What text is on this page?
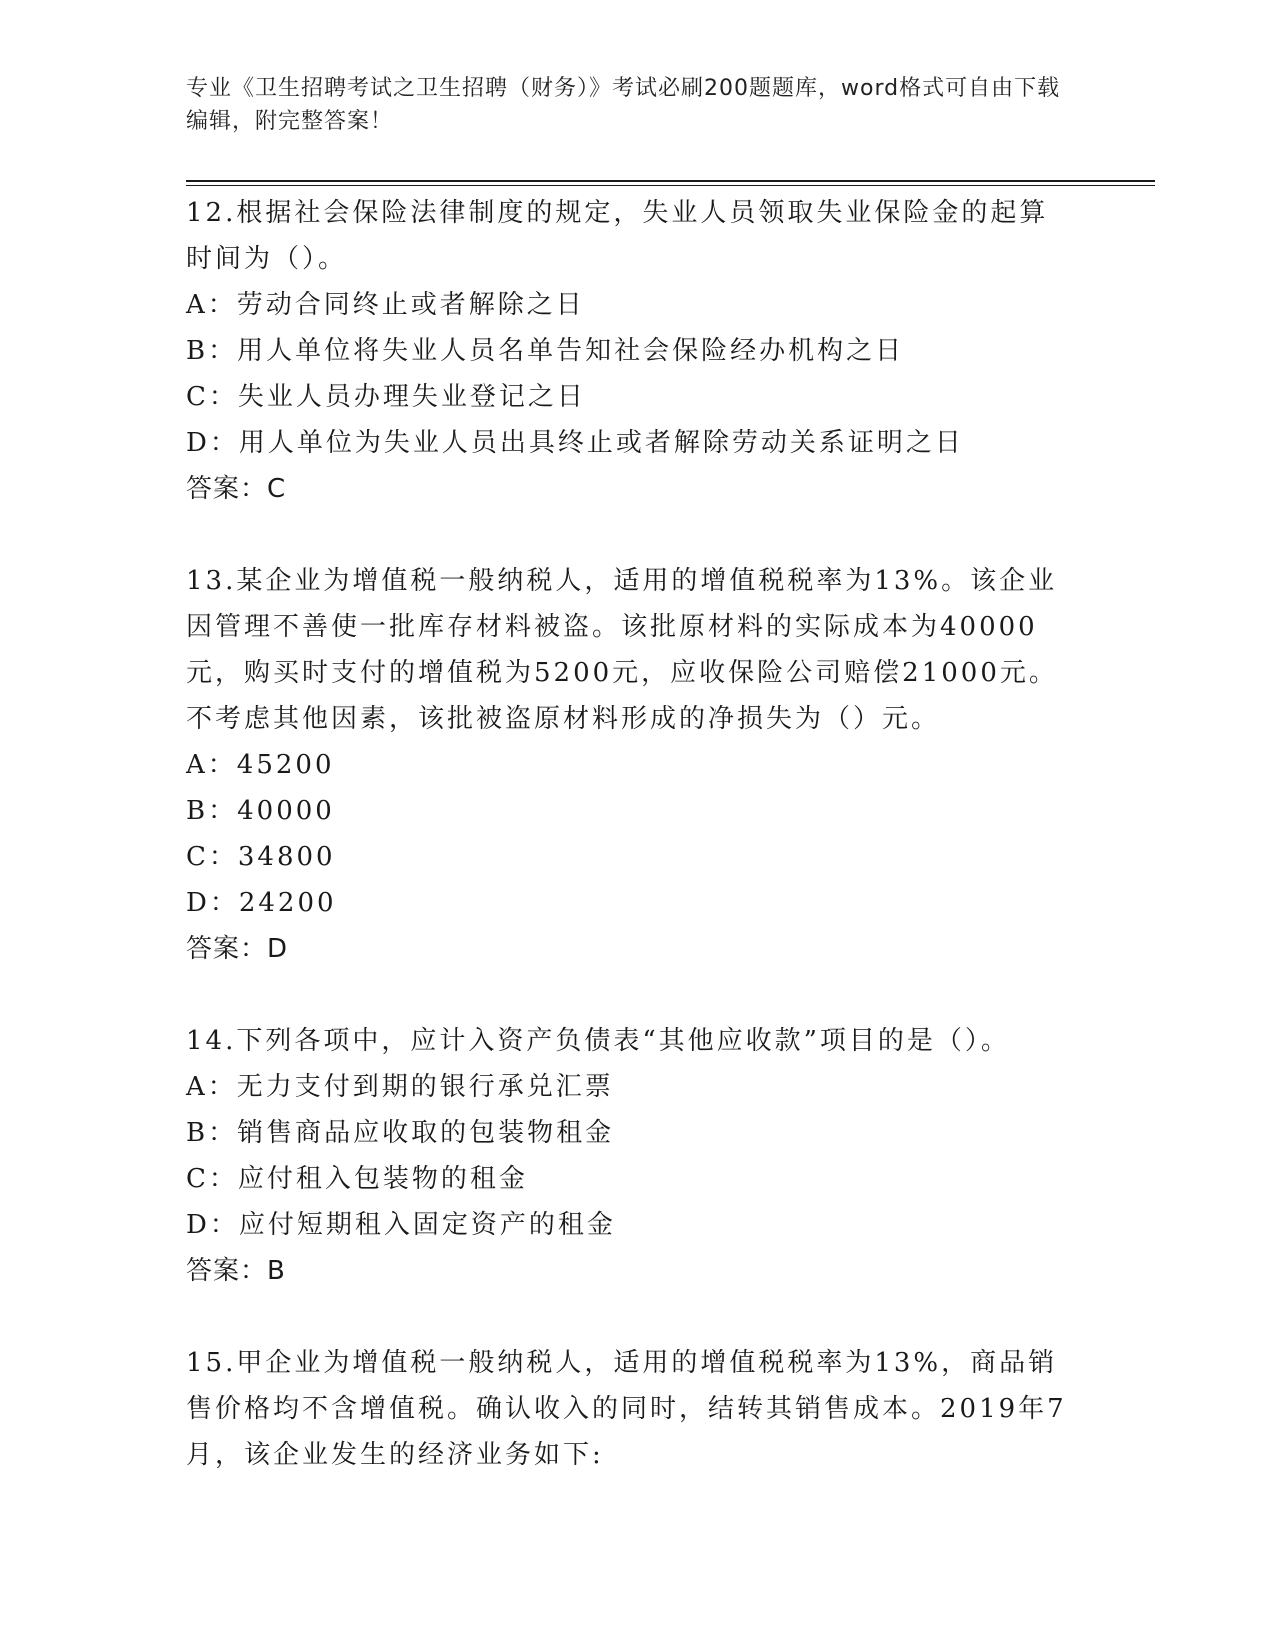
专业《卫生招聘考试之卫生招聘（财务）》考试必刷200题题库，word格式可自由下载编辑，附完整答案！

12.根据社会保险法律制度的规定，失业人员领取失业保险金的起算时间为（）。

A：劳动合同终止或者解除之日
B：用人单位将失业人员名单告知社会保险经办机构之日
C：失业人员办理失业登记之日
D：用人单位为失业人员出具终止或者解除劳动关系证明之日
答案：C

13.某企业为增值税一般纳税人，适用的增值税税率为13%。该企业因管理不善使一批库存材料被盗。该批原材料的实际成本为40000元，购买时支付的增值税为5200元，应收保险公司赔偿21000元。不考虑其他因素，该批被盗原材料形成的净损失为（）元。

A：45200
B：40000
C：34800
D：24200
答案：D

14.下列各项中，应计入资产负债表“其他应收款”项目的是（）。

A：无力支付到期的银行承兑汇票
B：销售商品应收取的包装物租金
C：应付租入包装物的租金
D：应付短期租入固定资产的租金
答案：B

15.甲企业为增值税一般纳税人，适用的增值税税率为13%，商品销售价格均不含增值税。确认收入的同时，结转其销售成本。2019年7月，该企业发生的经济业务如下:
